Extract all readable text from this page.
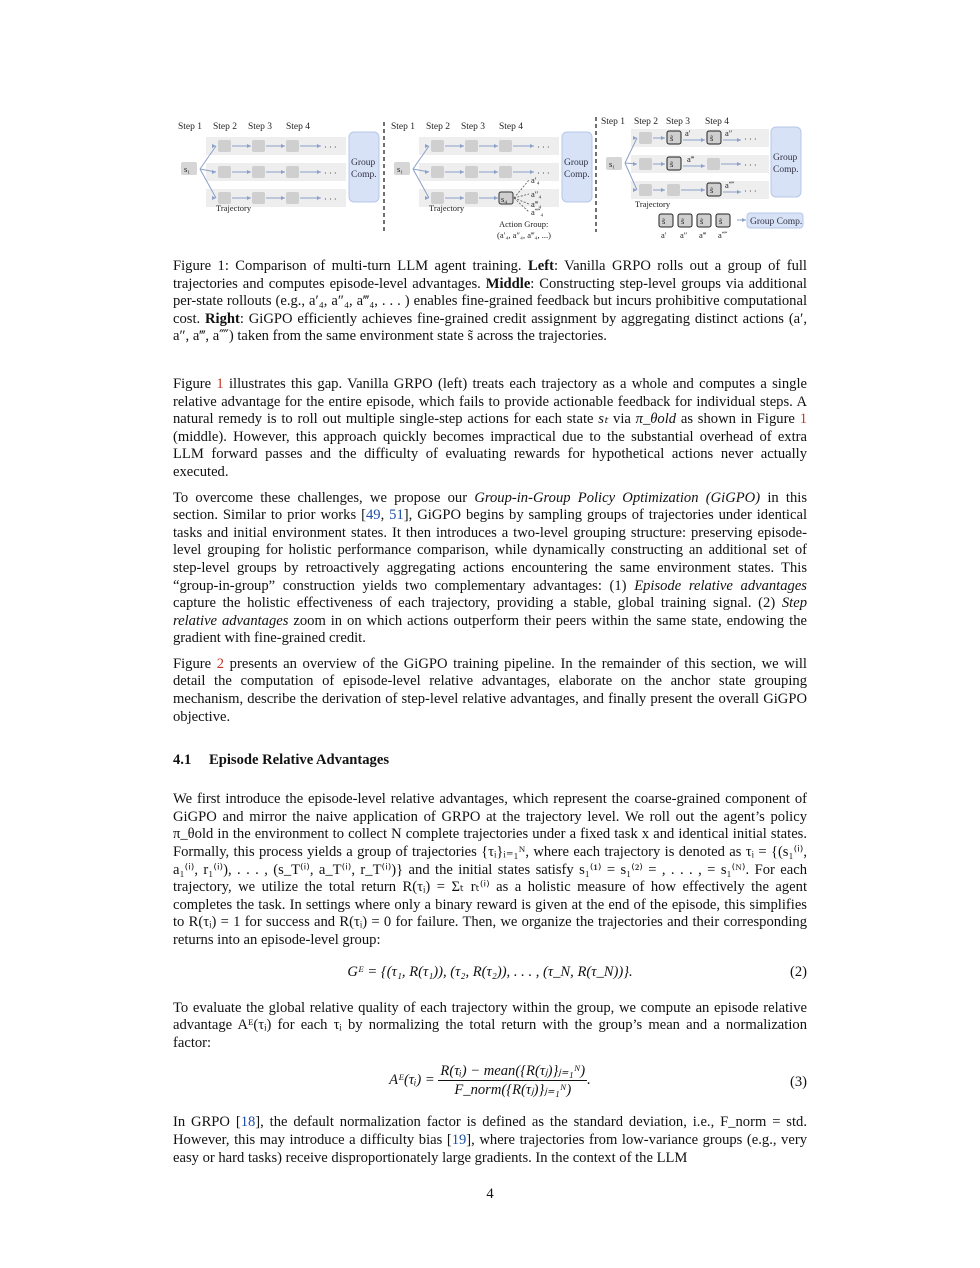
Step 1 Step 2 Step 3 Step 4
· · ·
· · ·
· · ·
s₁
Trajectory
Group
Comp.
Step 1 Step 2 Step 3 Step 4
· · ·
· · ·
s₁
Trajectory
Group
Comp.
s₄
a′₄
a″₄
a‴₄
a⁗₄
Action Group:
(a′₄, a″₄, a‴₄, ...)
Step 1 Step 2 Step 3 Step 4
s₁
s̃ a′ s̃ a″
· · ·
s̃ a‴
· · ·
s̃ a⁗
· · ·
Trajectory
Group
Comp.
s̃
a′
s̃
a″
s̃
a‴
s̃
a⁗
Group Comp.
Figure 1: Comparison of multi-turn LLM agent training. Left: Vanilla GRPO rolls out a group of full trajectories and computes episode-level advantages. Middle: Constructing step-level groups via additional per-state rollouts (e.g., a′₄, a″₄, a‴₄, . . . ) enables fine-grained feedback but incurs prohibitive computational cost. Right: GiGPO efficiently achieves fine-grained credit assignment by aggregating distinct actions (a′, a″, a‴, a⁗) taken from the same environment state s̃ across the trajectories.

Figure 1 illustrates this gap. Vanilla GRPO (left) treats each trajectory as a whole and computes a single relative advantage for the entire episode, which fails to provide actionable feedback for individual steps. A natural remedy is to roll out multiple single-step actions for each state sₜ via π_θold as shown in Figure 1 (middle). However, this approach quickly becomes impractical due to the substantial overhead of extra LLM forward passes and the difficulty of evaluating rewards for hypothetical actions never actually executed.

To overcome these challenges, we propose our Group-in-Group Policy Optimization (GiGPO) in this section. Similar to prior works [49, 51], GiGPO begins by sampling groups of trajectories under identical tasks and initial environment states. It then introduces a two-level grouping structure: preserving episode-level grouping for holistic performance comparison, while dynamically constructing an additional set of step-level groups by retroactively aggregating actions encountering the same environment states. This “group-in-group” construction yields two complementary advantages: (1) Episode relative advantages capture the holistic effectiveness of each trajectory, providing a stable, global training signal. (2) Step relative advantages zoom in on which actions outperform their peers within the same state, endowing the gradient with fine-grained credit.

Figure 2 presents an overview of the GiGPO training pipeline. In the remainder of this section, we will detail the computation of episode-level relative advantages, elaborate on the anchor state grouping mechanism, describe the derivation of step-level relative advantages, and finally present the overall GiGPO objective.

4.1 Episode Relative Advantages

We first introduce the episode-level relative advantages, which represent the coarse-grained component of GiGPO and mirror the naive application of GRPO at the trajectory level. We roll out the agent’s policy π_θold in the environment to collect N complete trajectories under a fixed task x and identical initial states. Formally, this process yields a group of trajectories {τᵢ}ᵢ₌₁ᴺ, where each trajectory is denoted as τᵢ = {(s₁⁽ⁱ⁾, a₁⁽ⁱ⁾, r₁⁽ⁱ⁾), . . . , (s_T⁽ⁱ⁾, a_T⁽ⁱ⁾, r_T⁽ⁱ⁾)} and the initial states satisfy s₁⁽¹⁾ = s₁⁽²⁾ = , . . . , = s₁⁽ᴺ⁾. For each trajectory, we utilize the total return R(τᵢ) = Σₜ rₜ⁽ⁱ⁾ as a holistic measure of how effectively the agent completes the task. In settings where only a binary reward is given at the end of the episode, this simplifies to R(τᵢ) = 1 for success and R(τᵢ) = 0 for failure. Then, we organize the trajectories and their corresponding returns into an episode-level group:

Gᴱ = {(τ₁, R(τ₁)), (τ₂, R(τ₂)), . . . , (τ_N, R(τ_N))}.	(2)

To evaluate the global relative quality of each trajectory within the group, we compute an episode relative advantage Aᴱ(τᵢ) for each τᵢ by normalizing the total return with the group’s mean and a normalization factor:

Aᴱ(τᵢ) = $\frac{\text{R(τᵢ) − mean(\{R(τⱼ)\}ⱼ₌₁ᴺ)}}{\text{F\_norm(\{R(τⱼ)\}ⱼ₌₁ᴺ)}}$ .	(3)

In GRPO [18], the default normalization factor is defined as the standard deviation, i.e., F_norm = std. However, this may introduce a difficulty bias [19], where trajectories from low-variance groups (e.g., very easy or hard tasks) receive disproportionately large gradients. In the context of the LLM

4
